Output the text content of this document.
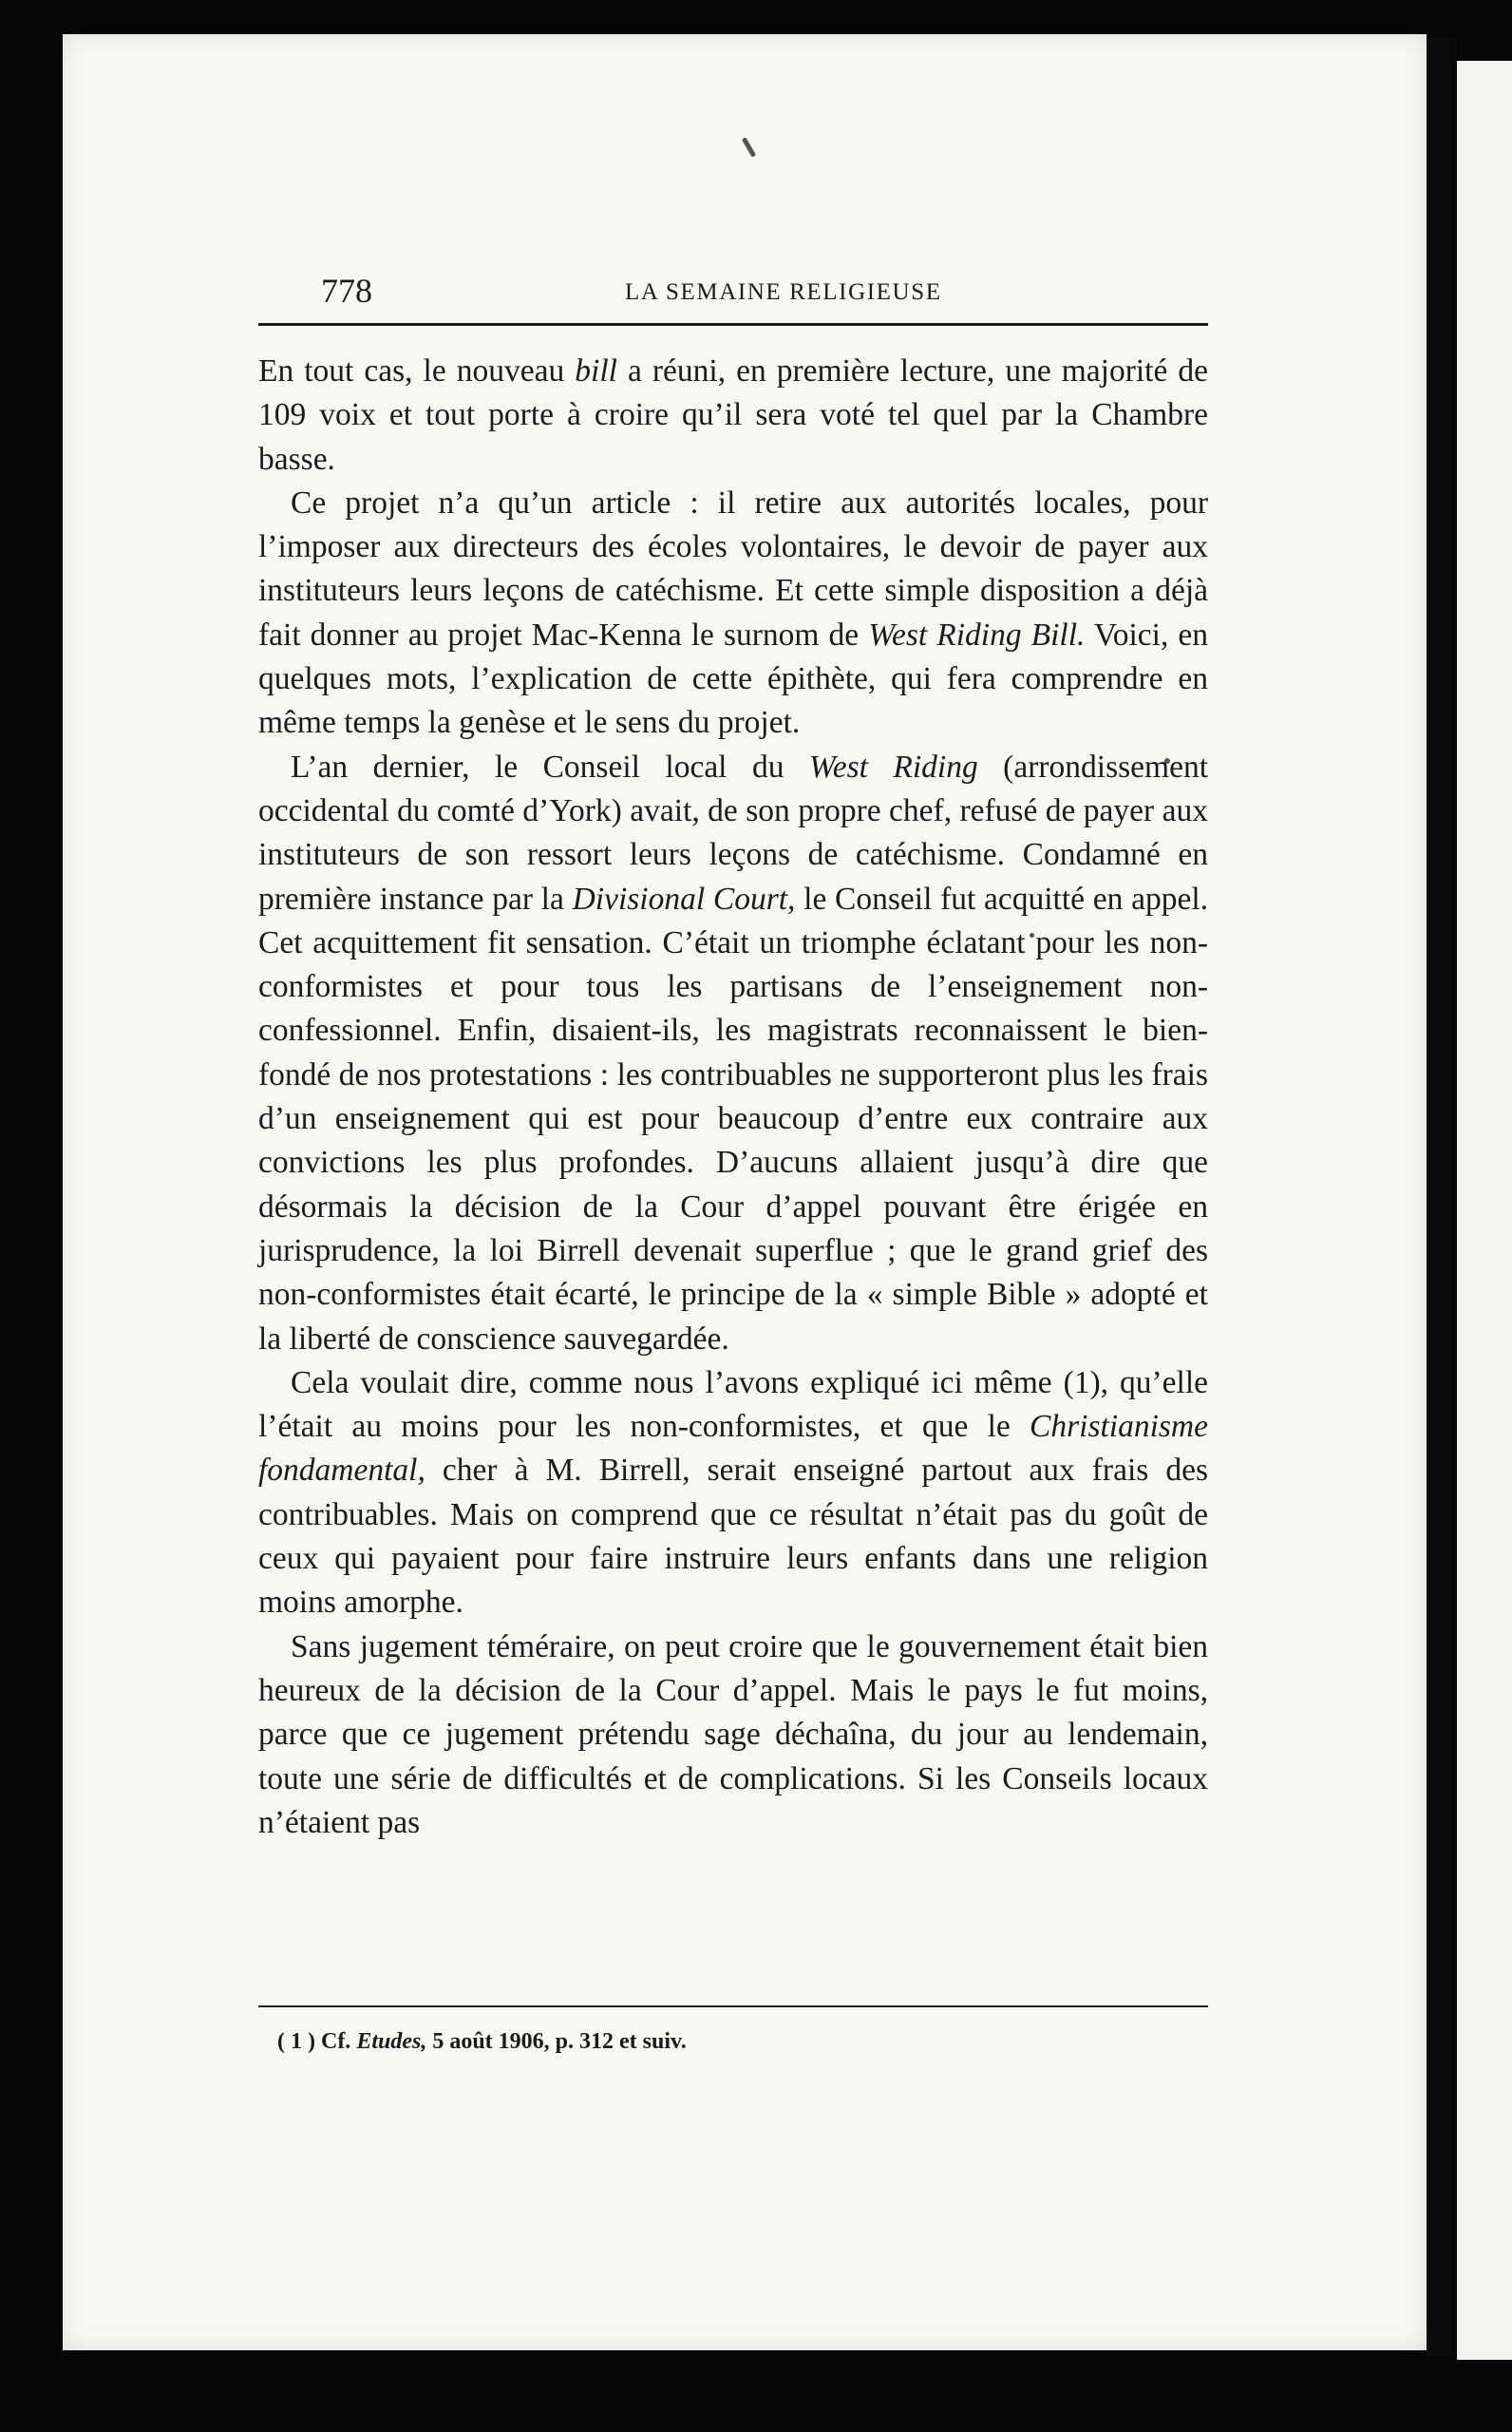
778	LA SEMAINE RELIGIEUSE

En tout cas, le nouveau bill a réuni, en première lecture, une majorité de 109 voix et tout porte à croire qu’il sera voté tel quel par la Chambre basse.

Ce projet n’a qu’un article : il retire aux autorités locales, pour l’imposer aux directeurs des écoles volontaires, le devoir de payer aux instituteurs leurs leçons de catéchisme. Et cette simple disposition a déjà fait donner au projet Mac-Kenna le surnom de West Riding Bill. Voici, en quelques mots, l’explication de cette épithète, qui fera comprendre en même temps la genèse et le sens du projet.

L’an dernier, le Conseil local du West Riding (arrondissement occidental du comté d’York) avait, de son propre chef, refusé de payer aux instituteurs de son ressort leurs leçons de catéchisme. Condamné en première instance par la Divisional Court, le Conseil fut acquitté en appel. Cet acquittement fit sensation. C’était un triomphe éclatant pour les non-conformistes et pour tous les partisans de l’enseignement non-confessionnel. Enfin, disaient-ils, les magistrats reconnaissent le bien-fondé de nos protestations : les contribuables ne supporteront plus les frais d’un enseignement qui est pour beaucoup d’entre eux contraire aux convictions les plus profondes. D’aucuns allaient jusqu’à dire que désormais la décision de la Cour d’appel pouvant être érigée en jurisprudence, la loi Birrell devenait superflue ; que le grand grief des non-conformistes était écarté, le principe de la « simple Bible » adopté et la liberté de conscience sauvegardée.

Cela voulait dire, comme nous l’avons expliqué ici même (1), qu’elle l’était au moins pour les non-conformistes, et que le Christianisme fondamental, cher à M. Birrell, serait enseigné partout aux frais des contribuables. Mais on comprend que ce résultat n’était pas du goût de ceux qui payaient pour faire instruire leurs enfants dans une religion moins amorphe.

Sans jugement téméraire, on peut croire que le gouvernement était bien heureux de la décision de la Cour d’appel. Mais le pays le fut moins, parce que ce jugement prétendu sage déchaîna, du jour au lendemain, toute une série de difficultés et de complications. Si les Conseils locaux n’étaient pas

( 1 ) Cf. Etudes, 5 août 1906, p. 312 et suiv.
